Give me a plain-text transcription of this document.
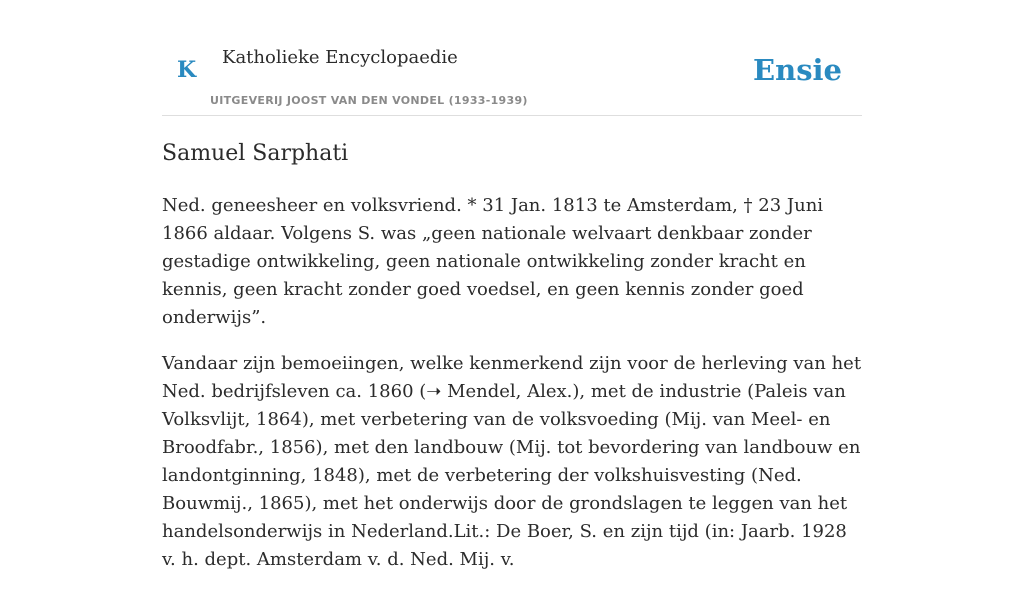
K Katholieke Encyclopaedie
UITGEVERIJ JOOST VAN DEN VONDEL (1933-1939)
Ensie
Samuel Sarphati

Ned. geneesheer en volksvriend. * 31 Jan. 1813 te Amsterdam, † 23 Juni 1866 aldaar. Volgens S. was „geen nationale welvaart denkbaar zonder gestadige ontwikkeling, geen nationale ontwikkeling zonder kracht en kennis, geen kracht zonder goed voedsel, en geen kennis zonder goed onderwijs”.

Vandaar zijn bemoeiingen, welke kenmerkend zijn voor de herleving van het Ned. bedrijfsleven ca. 1860 (➝ Mendel, Alex.), met de industrie (Paleis van Volksvlijt, 1864), met verbetering van de volksvoeding (Mij. van Meel- en Broodfabr., 1856), met den landbouw (Mij. tot bevordering van landbouw en landontginning, 1848), met de verbetering der volkshuisvesting (Ned. Bouwmij., 1865), met het onderwijs door de grondslagen te leggen van het handelsonderwijs in Nederland.Lit.: De Boer, S. en zijn tijd (in: Jaarb. 1928 v. h. dept. Amsterdam v. d. Ned. Mij. v.
